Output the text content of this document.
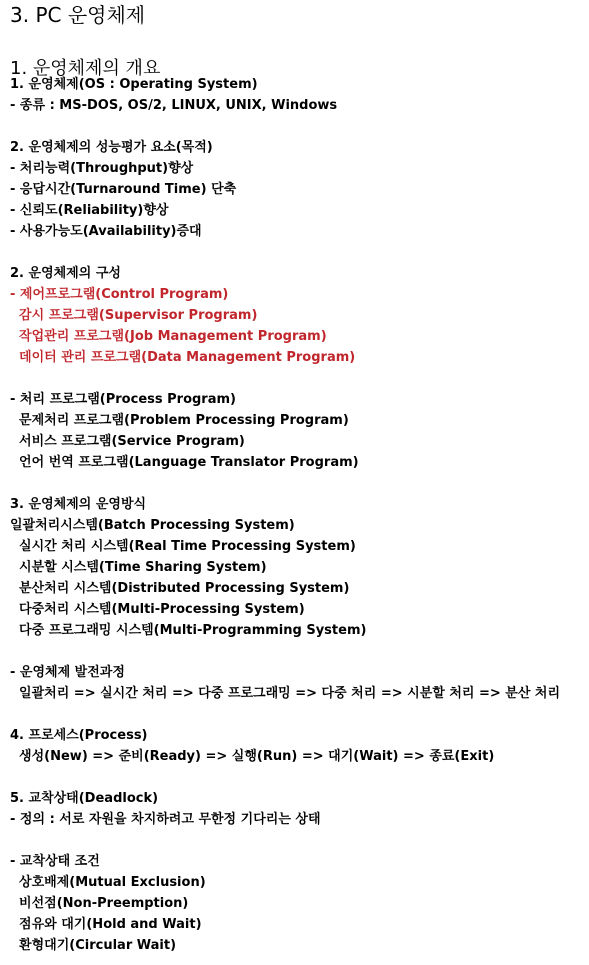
3. PC 운영체제
1. 운영체제의 개요
1. 운영체제(OS : Operating System)
- 종류 : MS-DOS, OS/2, LINUX, UNIX, Windows
2. 운영체제의 성능평가 요소(목적)
- 처리능력(Throughput)향상
- 응답시간(Turnaround Time) 단축
- 신뢰도(Reliability)향상
- 사용가능도(Availability)증대
2. 운영체제의 구성
- 제어프로그램(Control Program)
감시 프로그램(Supervisor Program)
작업관리 프로그램(Job Management Program)
데이터 관리 프로그램(Data Management Program)
- 처리 프로그램(Process Program)
문제처리 프로그램(Problem Processing Program)
서비스 프로그램(Service Program)
언어 번역 프로그램(Language Translator Program)
3. 운영체제의 운영방식
일괄처리시스템(Batch Processing System)
실시간 처리 시스템(Real Time Processing System)
시분할 시스템(Time Sharing System)
분산처리 시스템(Distributed Processing System)
다중처리 시스템(Multi-Processing System)
다중 프로그래밍 시스템(Multi-Programming System)
- 운영체제 발전과정
일괄처리 => 실시간 처리 => 다중 프로그래밍 => 다중 처리 => 시분할 처리 => 분산 처리
4. 프로세스(Process)
생성(New) => 준비(Ready) => 실행(Run) => 대기(Wait) => 종료(Exit)
5. 교착상태(Deadlock)
- 정의 : 서로 자원을 차지하려고 무한정 기다리는 상태
- 교착상태 조건
상호배제(Mutual Exclusion)
비선점(Non-Preemption)
점유와 대기(Hold and Wait)
환형대기(Circular Wait)
